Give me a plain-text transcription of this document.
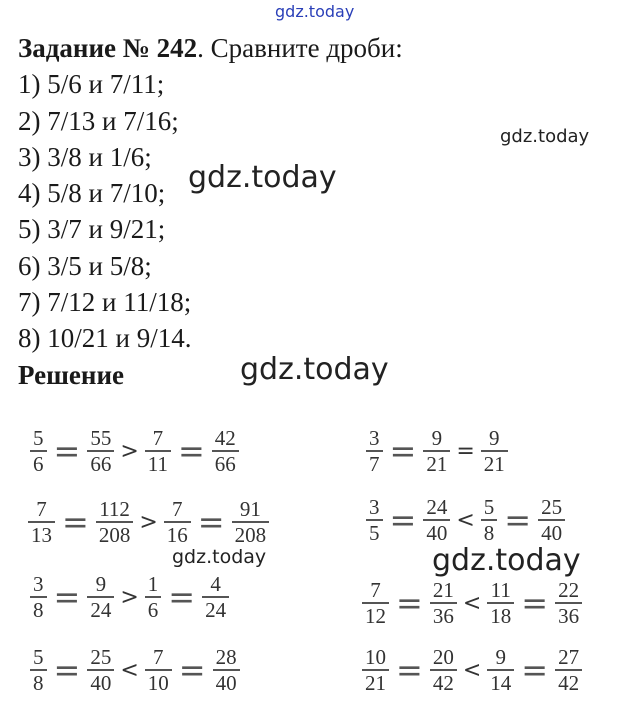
gdz.today
gdz.today
gdz.today
gdz.today
gdz.today	gdz.today
Задание № 242. Сравните дроби:
1) 5/6 и 7/11;
2) 7/13 и 7/16;
3) 3/8 и 1/6;
4) 5/8 и 7/10;
5) 3/7 и 9/21;
6) 3/5 и 5/8;
7) 7/12 и 11/18;
8) 10/21 и 9/14.
Решение
$\frac{5}{6} = \frac{55}{66} > \frac{7}{11} = \frac{42}{66}$
$\frac{7}{13} = \frac{112}{208} > \frac{7}{16} = \frac{91}{208}$
$\frac{3}{8} = \frac{9}{24} > \frac{1}{6} = \frac{4}{24}$
$\frac{5}{8} = \frac{25}{40} < \frac{7}{10} = \frac{28}{40}$
$\frac{3}{7} = \frac{9}{21} = \frac{9}{21}$
$\frac{3}{5} = \frac{24}{40} < \frac{5}{8} = \frac{25}{40}$
$\frac{7}{12} = \frac{21}{36} < \frac{11}{18} = \frac{22}{36}$
$\frac{10}{21} = \frac{20}{42} < \frac{9}{14} = \frac{27}{42}$
